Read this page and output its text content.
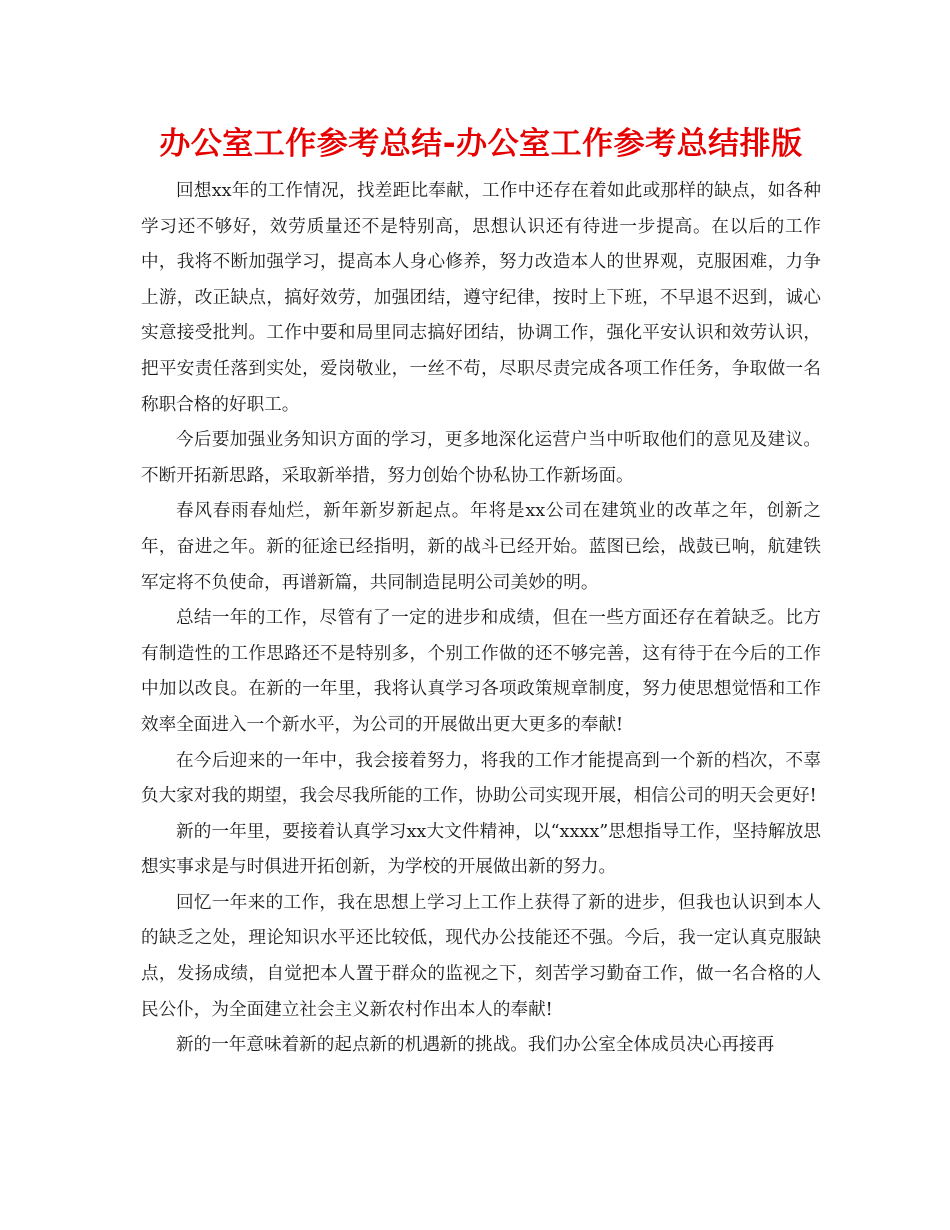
办公室工作参考总结-办公室工作参考总结排版

回想xx年的工作情况，找差距比奉献，工作中还存在着如此或那样的缺点，如各种学习还不够好，效劳质量还不是特别高，思想认识还有待进一步提高。在以后的工作中，我将不断加强学习，提高本人身心修养，努力改造本人的世界观，克服困难，力争上游，改正缺点，搞好效劳，加强团结，遵守纪律，按时上下班，不早退不迟到，诚心实意接受批判。工作中要和局里同志搞好团结，协调工作，强化平安认识和效劳认识，把平安责任落到实处，爱岗敬业，一丝不苟，尽职尽责完成各项工作任务，争取做一名称职合格的好职工。

今后要加强业务知识方面的学习，更多地深化运营户当中听取他们的意见及建议。不断开拓新思路，采取新举措，努力创始个协私协工作新场面。

春风春雨春灿烂，新年新岁新起点。年将是xx公司在建筑业的改革之年，创新之年，奋进之年。新的征途已经指明，新的战斗已经开始。蓝图已绘，战鼓已响，航建铁军定将不负使命，再谱新篇，共同制造昆明公司美妙的明。

总结一年的工作，尽管有了一定的进步和成绩，但在一些方面还存在着缺乏。比方有制造性的工作思路还不是特别多，个别工作做的还不够完善，这有待于在今后的工作中加以改良。在新的一年里，我将认真学习各项政策规章制度，努力使思想觉悟和工作效率全面进入一个新水平，为公司的开展做出更大更多的奉献!

在今后迎来的一年中，我会接着努力，将我的工作才能提高到一个新的档次，不辜负大家对我的期望，我会尽我所能的工作，协助公司实现开展，相信公司的明天会更好!

新的一年里，要接着认真学习xx大文件精神，以“xxxx”思想指导工作，坚持解放思想实事求是与时俱进开拓创新，为学校的开展做出新的努力。

回忆一年来的工作，我在思想上学习上工作上获得了新的进步，但我也认识到本人的缺乏之处，理论知识水平还比较低，现代办公技能还不强。今后，我一定认真克服缺点，发扬成绩，自觉把本人置于群众的监视之下，刻苦学习勤奋工作，做一名合格的人民公仆，为全面建立社会主义新农村作出本人的奉献!

新的一年意味着新的起点新的机遇新的挑战。我们办公室全体成员决心再接再
